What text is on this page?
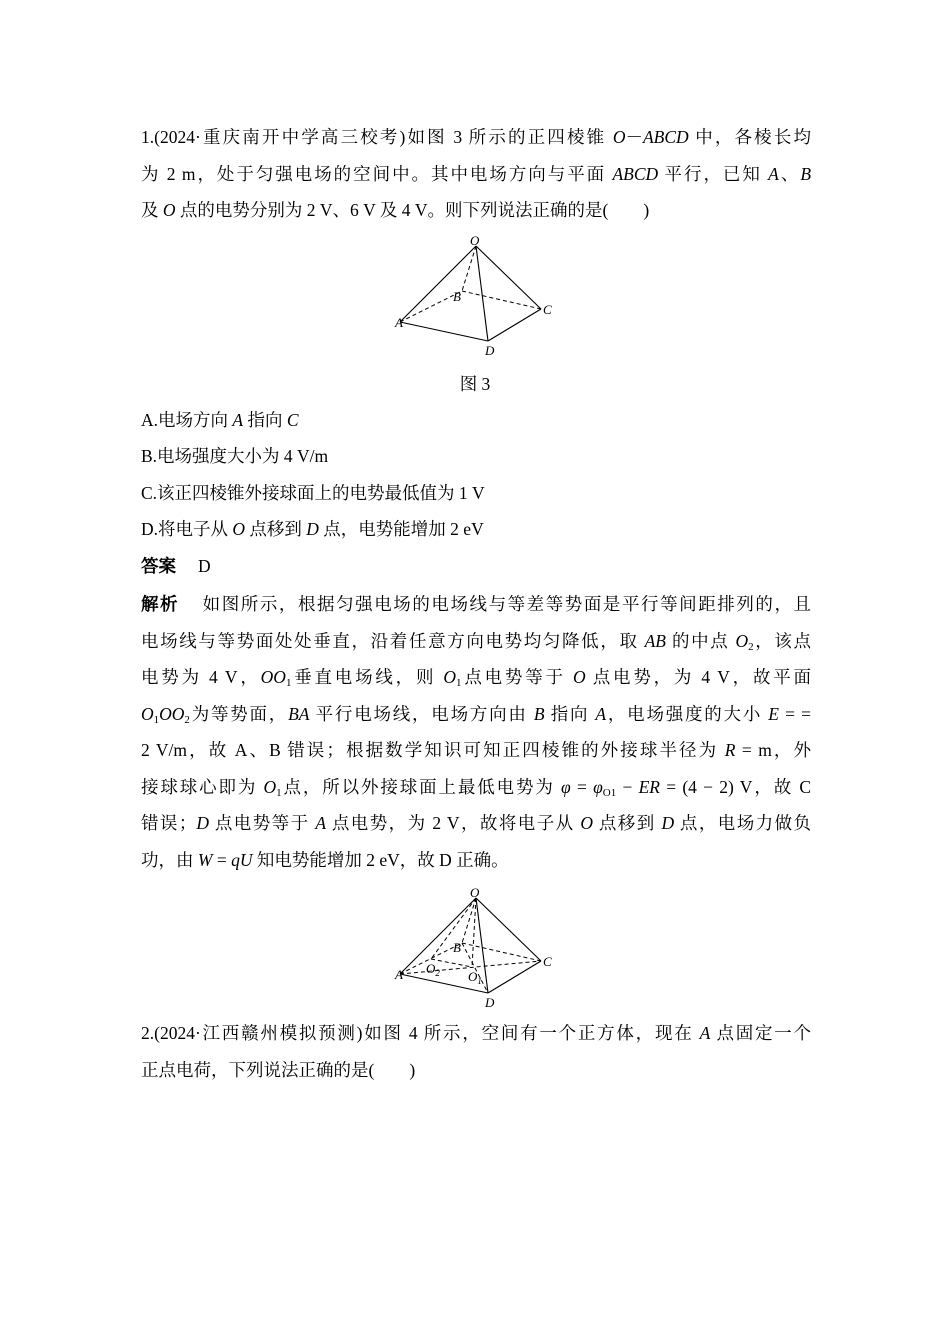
1.(2024·重庆南开中学高三校考)如图 3 所示的正四棱锥 O－ABCD 中，各棱长均
为 2 m，处于匀强电场的空间中。其中电场方向与平面 ABCD 平行，已知 A、B
及 O 点的电势分别为 2 V、6 V 及 4 V。则下列说法正确的是(　　)
O
B
C
A
D
图 3
A.电场方向 A 指向 C
B.电场强度大小为 4 V/m
C.该正四棱锥外接球面上的电势最低值为 1 V
D.将电子从 O 点移到 D 点，电势能增加 2 eV
答案 D
解析 如图所示，根据匀强电场的电场线与等差等势面是平行等间距排列的，且
电场线与等势面处处垂直，沿着任意方向电势均匀降低，取 AB 的中点 $O_2$，该点
电势为 4 V，$OO_1$垂直电场线，则 $O_1$点电势等于 O 点电势，为 4 V，故平面
$O_1OO_2$为等势面，BA 平行电场线，电场方向由 B 指向 A，电场强度的大小 E = =
2 V/m，故 A、B 错误；根据数学知识可知正四棱锥的外接球半径为 R = m，外
接球球心即为 $O_1$点，所以外接球面上最低电势为 $\varphi = \varphi_{O1}$ − ER = (4 − 2) V，故 C
错误；D 点电势等于 A 点电势，为 2 V，故将电子从 O 点移到 D 点，电场力做负
功，由 W = qU 知电势能增加 2 eV，故 D 正确。
O
B
C
A
D
$O_2$ $O_1$
2.(2024·江西赣州模拟预测)如图 4 所示，空间有一个正方体，现在 A 点固定一个
正点电荷，下列说法正确的是(　　)
